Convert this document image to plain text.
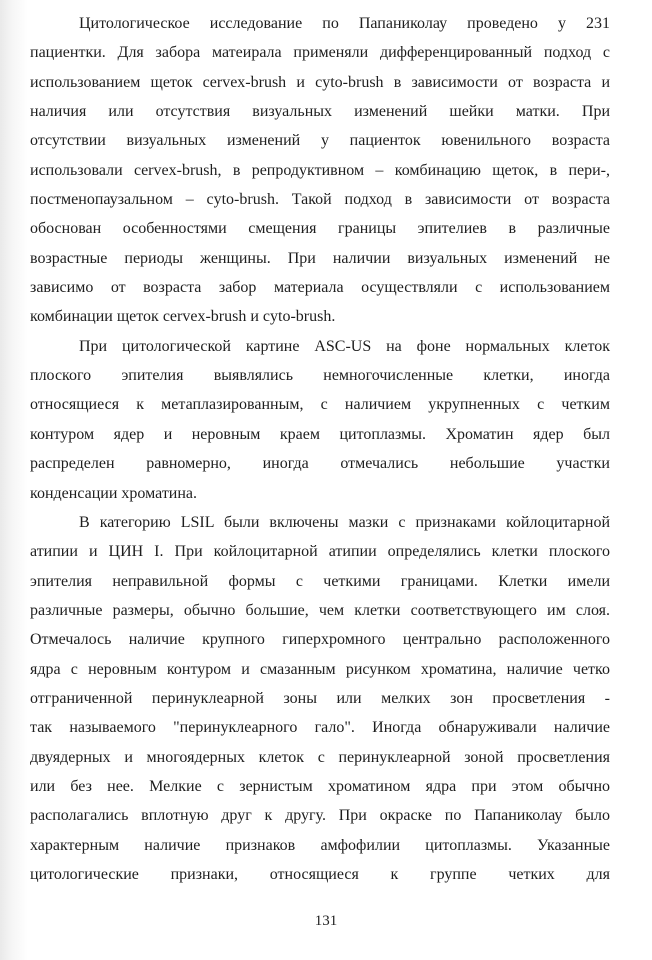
Цитологическое исследование по Папаниколау проведено у 231
пациентки. Для забора матеирала применяли дифференцированный подход с
использованием щеток cervex-brush и cyto-brush в зависимости от возраста и
наличия или отсутствия визуальных изменений шейки матки. При
отсутствии визуальных изменений у пациенток ювенильного возраста
использовали cervex-brush, в репродуктивном – комбинацию щеток, в пери-,
постменопаузальном – cyto-brush. Такой подход в зависимости от возраста
обоснован особенностями смещения границы эпителиев в различные
возрастные периоды женщины. При наличии визуальных изменений не
зависимо от возраста забор материала осуществляли с использованием
комбинации щеток cervex-brush и cyto-brush.
При цитологической картине ASC-US на фоне нормальных клеток
плоского эпителия выявлялись немногочисленные клетки, иногда
относящиеся к метаплазированным, с наличием укрупненных с четким
контуром ядер и неровным краем цитоплазмы. Хроматин ядер был
распределен равномерно, иногда отмечались небольшие участки
конденсации хроматина.
В категорию LSIL были включены мазки с признаками койлоцитарной
атипии и ЦИН I. При койлоцитарной атипии определялись клетки плоского
эпителия неправильной формы с четкими границами. Клетки имели
различные размеры, обычно большие, чем клетки соответствующего им слоя.
Отмечалось наличие крупного гиперхромного центрально расположенного
ядра с неровным контуром и смазанным рисунком хроматина, наличие четко
отграниченной перинуклеарной зоны или мелких зон просветления -
так называемого "перинуклеарного гало". Иногда обнаруживали наличие
двуядерных и многоядерных клеток с перинуклеарной зоной просветления
или без нее. Мелкие с зернистым хроматином ядра при этом обычно
располагались вплотную друг к другу. При окраске по Папаниколау было
характерным наличие признаков амфофилии цитоплазмы. Указанные
цитологические признаки, относящиеся к группе четких для
131
